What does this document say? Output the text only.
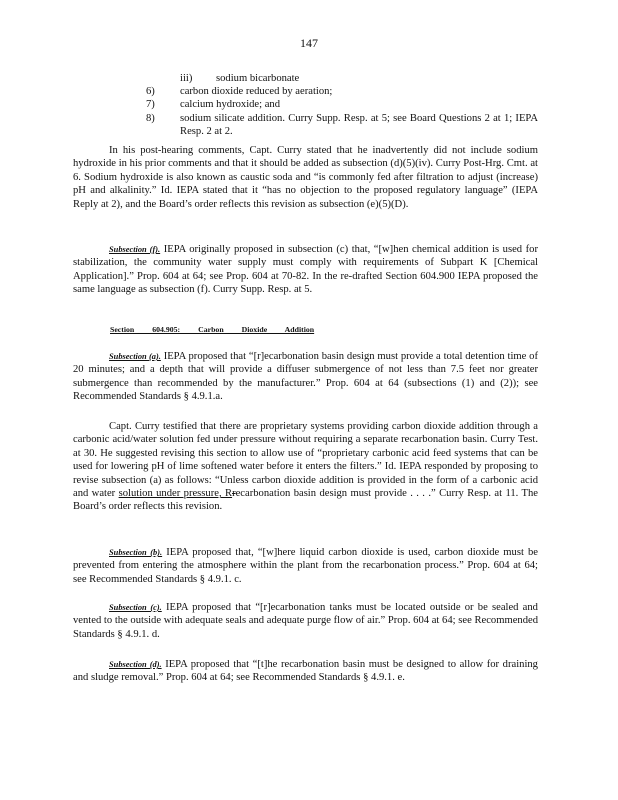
147
iii) sodium bicarbonate
6) carbon dioxide reduced by aeration;
7) calcium hydroxide; and
8) sodium silicate addition. Curry Supp. Resp. at 5; see Board Questions 2 at 1; IEPA Resp. 2 at 2.

In his post-hearing comments, Capt. Curry stated that he inadvertently did not include sodium hydroxide in his prior comments and that it should be added as subsection (d)(5)(iv). Curry Post-Hrg. Cmt. at 6. Sodium hydroxide is also known as caustic soda and “is commonly fed after filtration to adjust (increase) pH and alkalinity.” Id. IEPA stated that it “has no objection to the proposed regulatory language” (IEPA Reply at 2), and the Board’s order reflects this revision as subsection (e)(5)(D).

Subsection (f). IEPA originally proposed in subsection (c) that, “[w]hen chemical addition is used for stabilization, the community water supply must comply with requirements of Subpart K [Chemical Application].” Prop. 604 at 64; see Prop. 604 at 70-82. In the re-drafted Section 604.900 IEPA proposed the same language as subsection (f). Curry Supp. Resp. at 5.

Section 604.905: Carbon Dioxide Addition

Subsection (a). IEPA proposed that “[r]ecarbonation basin design must provide a total detention time of 20 minutes; and a depth that will provide a diffuser submergence of not less than 7.5 feet nor greater submergence than recommended by the manufacturer.” Prop. 604 at 64 (subsections (1) and (2)); see Recommended Standards § 4.9.1.a.

Capt. Curry testified that there are proprietary systems providing carbon dioxide addition through a carbonic acid/water solution fed under pressure without requiring a separate recarbonation basin. Curry Test. at 30. He suggested revising this section to allow use of “proprietary carbonic acid feed systems that can be used for lowering pH of lime softened water before it enters the filters.” Id. IEPA responded by proposing to revise subsection (a) as follows: “Unless carbon dioxide addition is provided in the form of a carbonic acid and water solution under pressure, Rrecarbonation basin design must provide . . . .” Curry Resp. at 11. The Board’s order reflects this revision.

Subsection (b). IEPA proposed that, “[w]here liquid carbon dioxide is used, carbon dioxide must be prevented from entering the atmosphere within the plant from the recarbonation process.” Prop. 604 at 64; see Recommended Standards § 4.9.1. c.

Subsection (c). IEPA proposed that “[r]ecarbonation tanks must be located outside or be sealed and vented to the outside with adequate seals and adequate purge flow of air.” Prop. 604 at 64; see Recommended Standards § 4.9.1. d.

Subsection (d). IEPA proposed that “[t]he recarbonation basin must be designed to allow for draining and sludge removal.” Prop. 604 at 64; see Recommended Standards § 4.9.1. e.
